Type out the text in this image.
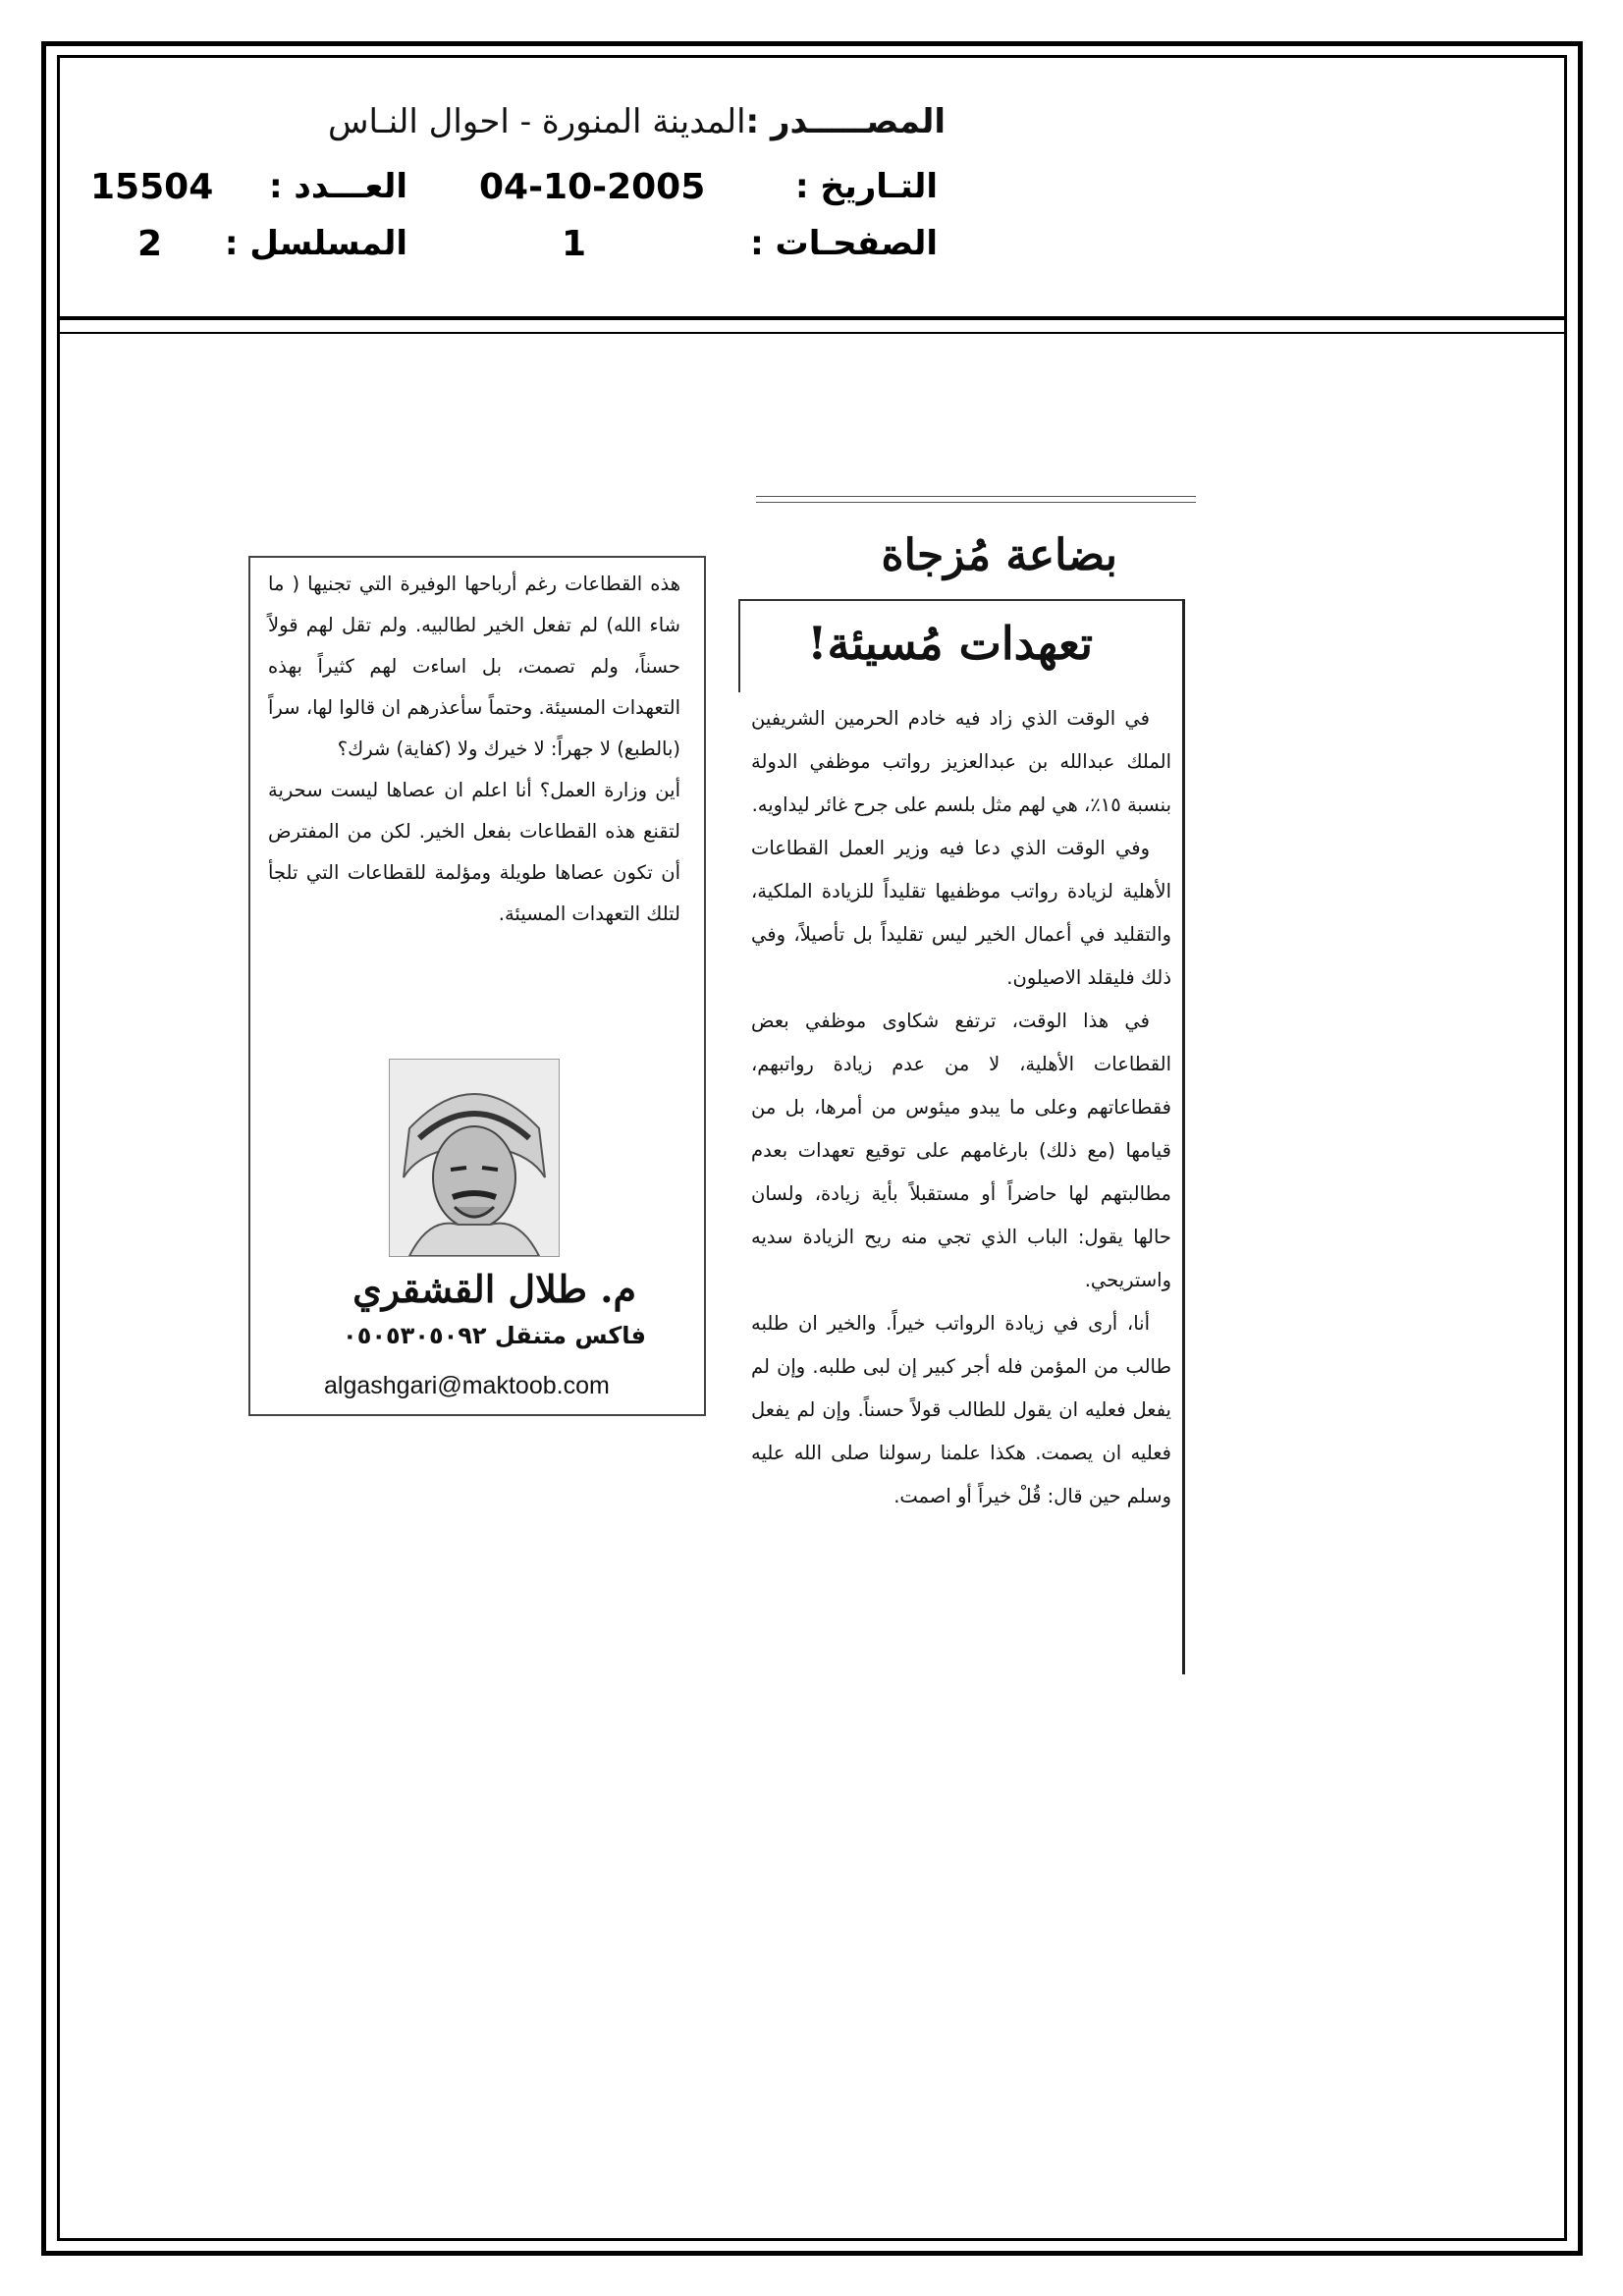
المصـــــدر :المدينة المنورة - احوال النـاس
التـاريخ :
04-10-2005
العـــدد :
15504
الصفحـات :
1
المسلسل :
2
بضاعة مُزجاة
تعهدات مُسيئة!

في الوقت الذي زاد فيه خادم الحرمين الشريفين الملك عبدالله بن عبدالعزيز رواتب موظفي الدولة بنسبة ١٥٪، هي لهم مثل بلسم على جرح غائر ليداويه.

وفي الوقت الذي دعا فيه وزير العمل القطاعات الأهلية لزيادة رواتب موظفيها تقليداً للزيادة الملكية، والتقليد في أعمال الخير ليس تقليداً بل تأصيلاً، وفي ذلك فليقلد الاصيلون.

في هذا الوقت، ترتفع شكاوى موظفي بعض القطاعات الأهلية، لا من عدم زيادة رواتبهم، فقطاعاتهم وعلى ما يبدو ميئوس من أمرها، بل من قيامها (مع ذلك) بارغامهم على توقيع تعهدات بعدم مطالبتهم لها حاضراً أو مستقبلاً بأية زيادة، ولسان حالها يقول: الباب الذي تجي منه ريح الزيادة سديه واستريحي.

أنا، أرى في زيادة الرواتب خيراً. والخير ان طلبه طالب من المؤمن فله أجر كبير إن لبى طلبه. وإن لم يفعل فعليه ان يقول للطالب قولاً حسناً. وإن لم يفعل فعليه ان يصمت. هكذا علمنا رسولنا صلى الله عليه وسلم حين قال: قُلْ خيراً أو اصمت.

هذه القطاعات رغم أرباحها الوفيرة التي تجنيها ( ما شاء الله) لم تفعل الخير لطالبيه. ولم تقل لهم قولاً حسناً، ولم تصمت، بل اساءت لهم كثيراً بهذه التعهدات المسيئة. وحتماً سأعذرهم ان قالوا لها، سراً (بالطبع) لا جهراً: لا خيرك ولا (كفاية) شرك؟

أين وزارة العمل؟ أنا اعلم ان عصاها ليست سحرية لتقنع هذه القطاعات بفعل الخير. لكن من المفترض أن تكون عصاها طويلة ومؤلمة للقطاعات التي تلجأ لتلك التعهدات المسيئة.

م. طلال القشقري
فاكس متنقل ٠٥٠٥٣٠٥٠٩٢
algashgari@maktoob.com
